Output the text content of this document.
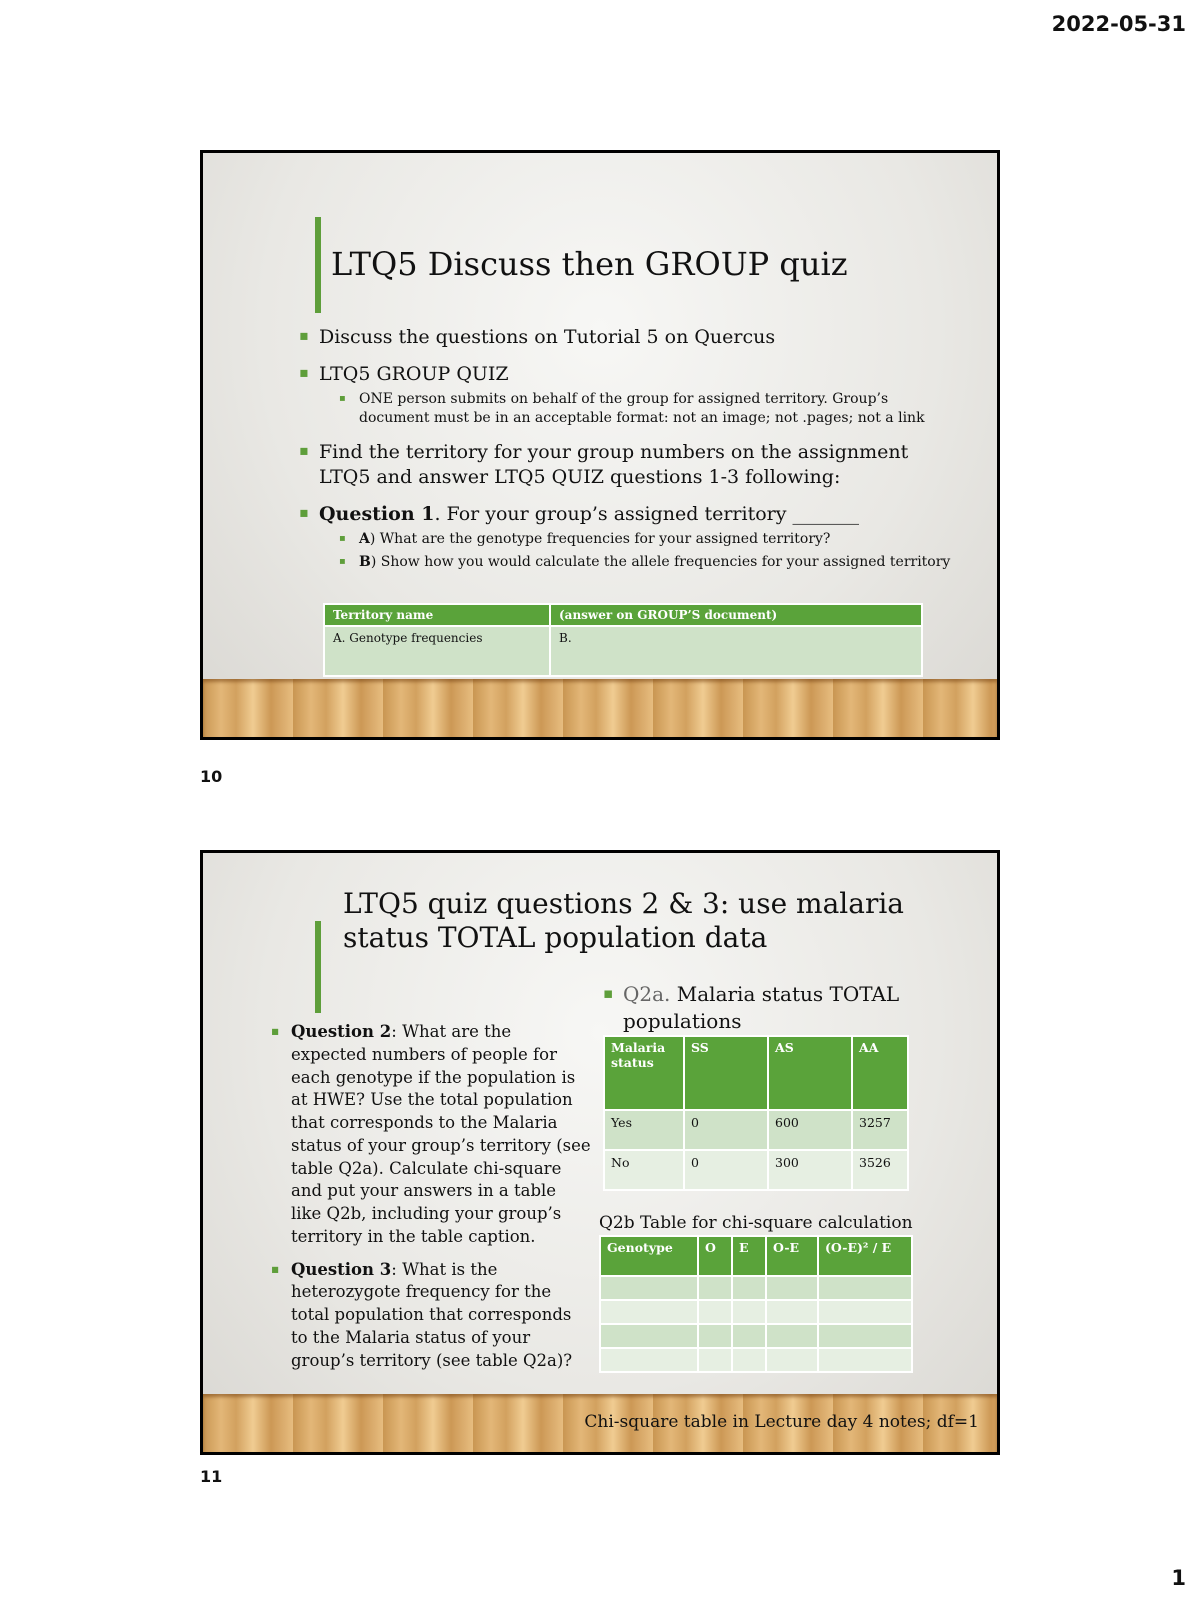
2022-05-31
LTQ5 Discuss then GROUP quiz
▪ Discuss the questions on Tutorial 5 on Quercus
▪ LTQ5 GROUP QUIZ
▪ ONE person submits on behalf of the group for assigned territory. Group’s document must be in an acceptable format: not an image; not .pages; not a link
▪ Find the territory for your group numbers on the assignment LTQ5 and answer LTQ5 QUIZ questions 1-3 following:
▪ Question 1. For your group’s assigned territory _______
▪ A) What are the genotype frequencies for your assigned territory?
▪ B) Show how you would calculate the allele frequencies for your assigned territory
Territory name	(answer on GROUP’S document)
A. Genotype frequencies	B.
10
LTQ5 quiz questions 2 & 3: use malaria status TOTAL population data
▪ Question 2: What are the expected numbers of people for each genotype if the population is at HWE? Use the total population that corresponds to the Malaria status of your group’s territory (see table Q2a). Calculate chi-square and put your answers in a table like Q2b, including your group’s territory in the table caption.
▪ Question 3: What is the heterozygote frequency for the total population that corresponds to the Malaria status of your group’s territory (see table Q2a)?
▪ Q2a. Malaria status TOTAL populations
Malaria status	SS	AS	AA
Yes	0	600	3257
No	0	300	3526
Q2b Table for chi-square calculation
Genotype	O	E	O-E	(O-E)² / E

Chi-square table in Lecture day 4 notes; df=1
11
1
